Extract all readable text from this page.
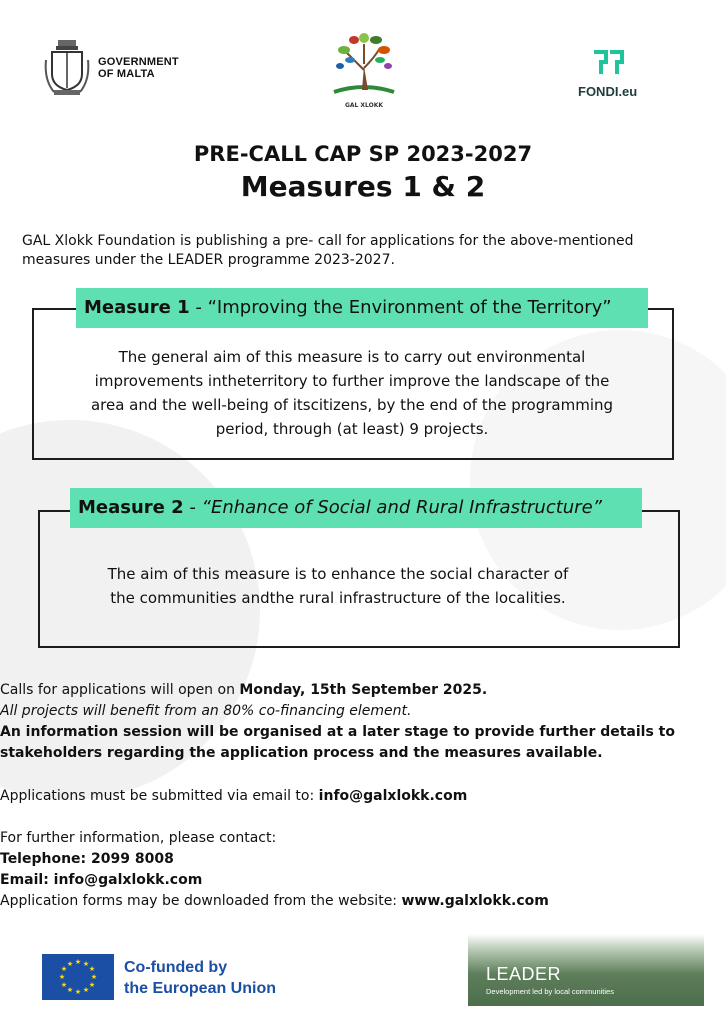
GOVERNMENT
OF MALTA
GAL XLOKK
FONDI.eu
PRE-CALL CAP SP 2023-2027
Measures 1 & 2
GAL Xlokk Foundation is publishing a pre- call for applications for the above-mentioned
measures under the LEADER programme 2023-2027.
Measure 1 - “Improving the Environment of the Territory”
The general aim of this measure is to carry out environmental
improvements intheterritory to further improve the landscape of the
area and the well-being of itscitizens, by the end of the programming
period, through (at least) 9 projects.
Measure 2 - “Enhance of Social and Rural Infrastructure”
The aim of this measure is to enhance the social character of
the communities andthe rural infrastructure of the localities.
Calls for applications will open on Monday, 15th September 2025.
All projects will benefit from an 80% co-financing element.
An information session will be organised at a later stage to provide further details to
stakeholders regarding the application process and the measures available.
Applications must be submitted via email to: info@galxlokk.com
For further information, please contact:
Telephone: 2099 8008
Email: info@galxlokk.com
Application forms may be downloaded from the website: www.galxlokk.com
★ ★
★
★
★
★
★
★
★
★
★
★	Co-funded by
the European Union
LEADER
Development led by local communities
